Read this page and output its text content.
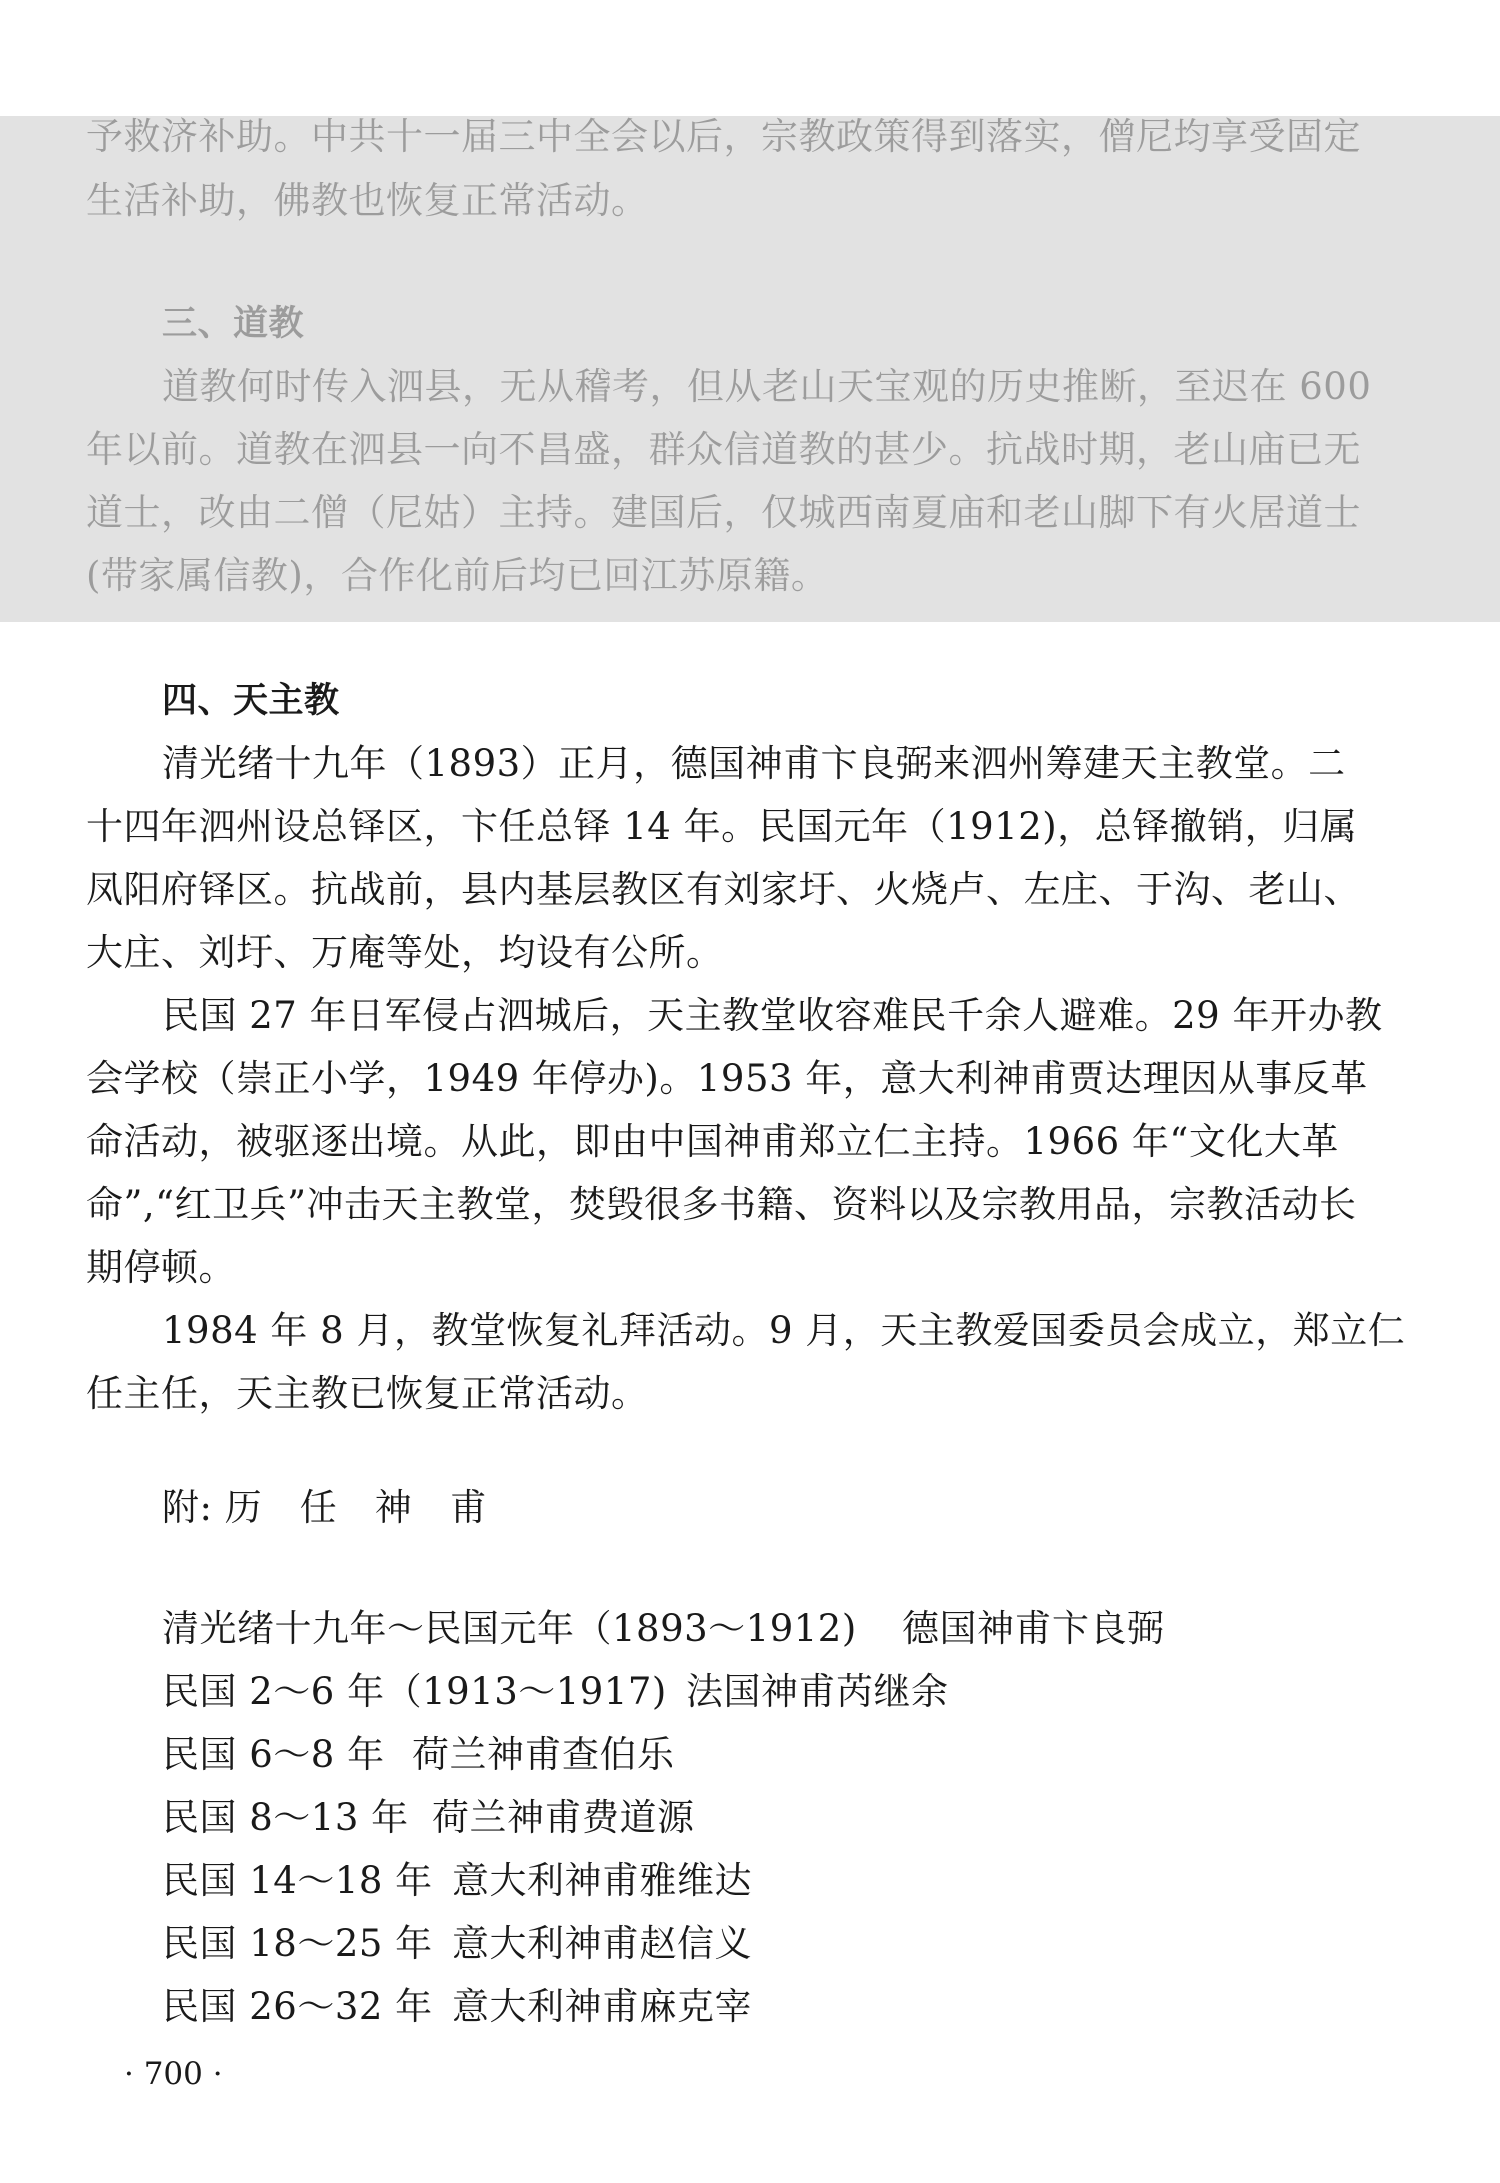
予救济补助。中共十一届三中全会以后，宗教政策得到落实，僧尼均享受固定
生活补助，佛教也恢复正常活动。
三、道教
道教何时传入泗县，无从稽考，但从老山天宝观的历史推断，至迟在 600
年以前。道教在泗县一向不昌盛，群众信道教的甚少。抗战时期，老山庙已无
道士，改由二僧（尼姑）主持。建国后，仅城西南夏庙和老山脚下有火居道士
(带家属信教)，合作化前后均已回江苏原籍。
四、天主教
清光绪十九年（1893）正月，德国神甫卞良弼来泗州筹建天主教堂。二
十四年泗州设总铎区，卞任总铎 14 年。民国元年（1912)，总铎撤销，归属
凤阳府铎区。抗战前，县内基层教区有刘家圩、火烧卢、左庄、于沟、老山、
大庄、刘圩、万庵等处，均设有公所。
民国 27 年日军侵占泗城后，天主教堂收容难民千余人避难。29 年开办教
会学校（崇正小学，1949 年停办)。1953 年，意大利神甫贾达理因从事反革
命活动，被驱逐出境。从此，即由中国神甫郑立仁主持。1966 年“文化大革
命”,“红卫兵”冲击天主教堂，焚毁很多书籍、资料以及宗教用品，宗教活动长
期停顿。
1984 年 8 月，教堂恢复礼拜活动。9 月，天主教爱国委员会成立，郑立仁
任主任，天主教已恢复正常活动。
附: 历　任　神　甫
清光绪十九年～民国元年（1893～1912) 德国神甫卞良弼
民国 2～6 年（1913～1917) 法国神甫芮继余
民国 6～8 年 荷兰神甫查伯乐
民国 8～13 年 荷兰神甫费道源
民国 14～18 年 意大利神甫雅维达
民国 18～25 年 意大利神甫赵信义
民国 26～32 年 意大利神甫麻克宰
· 700 ·
